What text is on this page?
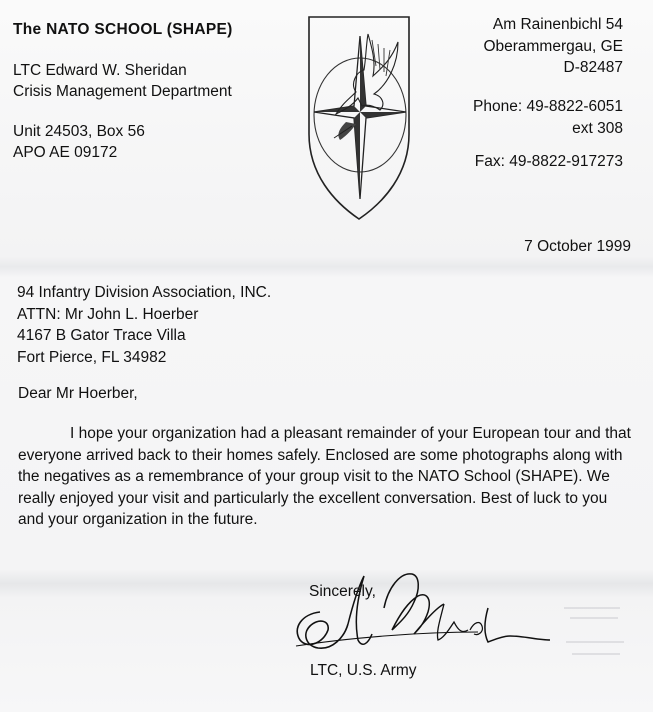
The NATO SCHOOL (SHAPE)
LTC Edward W. Sheridan
Crisis Management Department
Unit 24503, Box 56
APO AE 09172
Am Rainenbichl 54
Oberammergau, GE
D-82487
Phone: 49-8822-6051
ext 308
Fax: 49-8822-917273
7 October 1999
94 Infantry Division Association, INC.
ATTN: Mr John L. Hoerber
4167 B Gator Trace Villa
Fort Pierce, FL 34982
Dear Mr Hoerber,
I hope your organization had a pleasant remainder of your European tour and that everyone arrived back to their homes safely. Enclosed are some photographs along with the negatives as a remembrance of your group visit to the NATO School (SHAPE). We really enjoyed your visit and particularly the excellent conversation. Best of luck to you and your organization in the future.
Sincerely,
LTC, U.S. Army
